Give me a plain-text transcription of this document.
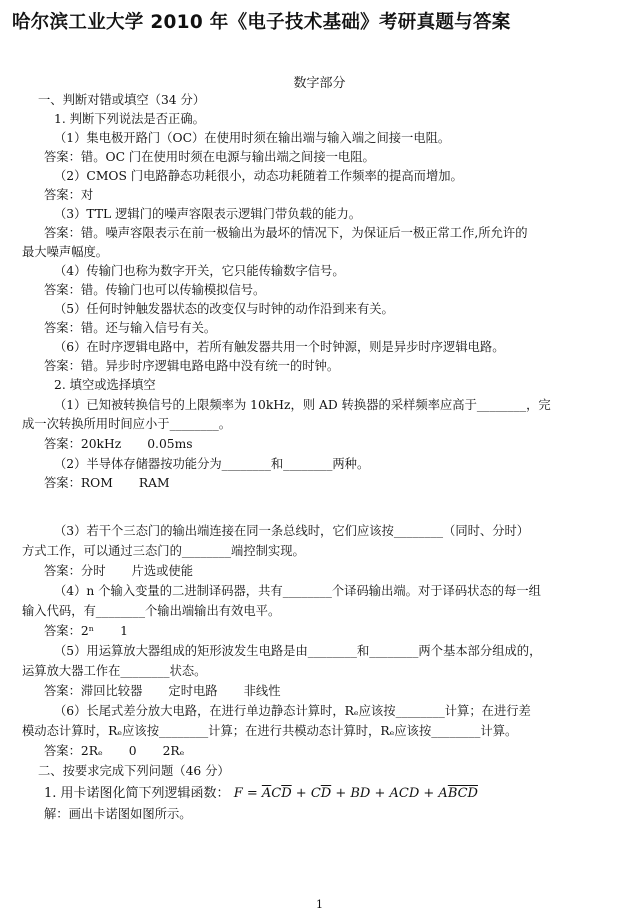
哈尔滨工业大学 2010 年《电子技术基础》考研真题与答案
数字部分
一、判断对错或填空（34 分）
1. 判断下列说法是否正确。
（1）集电极开路门（OC）在使用时须在输出端与输入端之间接一电阻。
答案：错。OC 门在使用时须在电源与输出端之间接一电阻。
（2）CMOS 门电路静态功耗很小，动态功耗随着工作频率的提高而增加。
答案：对
（3）TTL 逻辑门的噪声容限表示逻辑门带负载的能力。
答案：错。噪声容限表示在前一极输出为最坏的情况下，为保证后一极正常工作,所允许的
最大噪声幅度。
（4）传输门也称为数字开关，它只能传输数字信号。
答案：错。传输门也可以传输模拟信号。
（5）任何时钟触发器状态的改变仅与时钟的动作沿到来有关。
答案：错。还与输入信号有关。
（6）在时序逻辑电路中，若所有触发器共用一个时钟源，则是异步时序逻辑电路。
答案：错。异步时序逻辑电路电路中没有统一的时钟。
2. 填空或选择填空
（1）已知被转换信号的上限频率为 10kHz，则 AD 转换器的采样频率应高于________，完
成一次转换所用时间应小于________。
答案：20kHz 0.05ms
（2）半导体存储器按功能分为________和________两种。
答案：ROM RAM
（3）若干个三态门的输出端连接在同一条总线时，它们应该按________（同时、分时）
方式工作，可以通过三态门的________端控制实现。
答案：分时 片选或使能
（4）n 个输入变量的二进制译码器，共有________个译码输出端。对于译码状态的每一组
输入代码，有________个输出端输出有效电平。
答案：2ⁿ 1
（5）用运算放大器组成的矩形波发生电路是由________和________两个基本部分组成的，
运算放大器工作在________状态。
答案：滞回比较器 定时电路 非线性
（6）长尾式差分放大电路，在进行单边静态计算时，Rₑ应该按________计算；在进行差
模动态计算时，Rₑ应该按________计算；在进行共模动态计算时，Rₑ应该按________计算。
答案：2Rₑ 0 2Rₑ
二、按要求完成下列问题（46 分）
1. 用卡诺图化简下列逻辑函数： $F = \overline{A}C\overline{D} + C\overline{D}$ + BD + ACD + $A\overline{BCD}$
解：画出卡诺图如图所示。
1
